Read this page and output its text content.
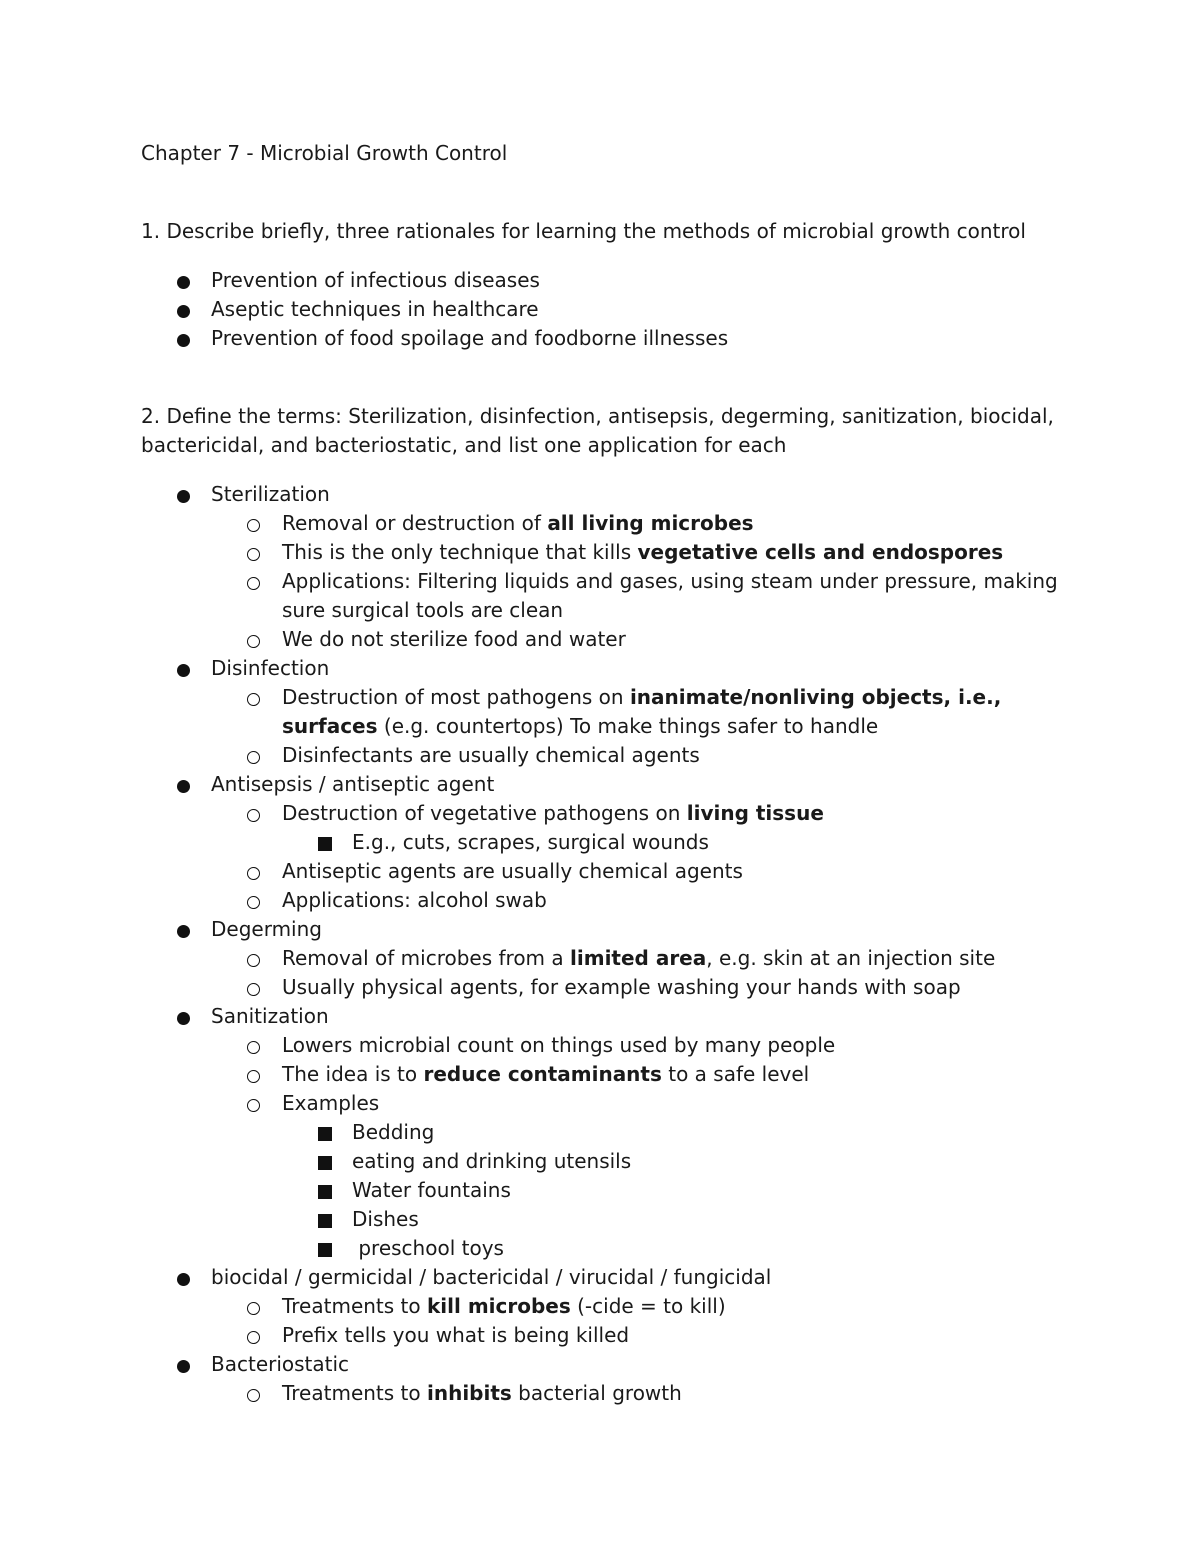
Chapter 7 - Microbial Growth Control

1. Describe briefly, three rationales for learning the methods of microbial growth control

Prevention of infectious diseases
Aseptic techniques in healthcare
Prevention of food spoilage and foodborne illnesses

2. Define the terms: Sterilization, disinfection, antisepsis, degerming, sanitization, biocidal, bactericidal, and bacteriostatic, and list one application for each

Sterilization
Removal or destruction of all living microbes
This is the only technique that kills vegetative cells and endospores
Applications: Filtering liquids and gases, using steam under pressure, making sure surgical tools are clean
We do not sterilize food and water
Disinfection
Destruction of most pathogens on inanimate/nonliving objects, i.e., surfaces (e.g. countertops) To make things safer to handle
Disinfectants are usually chemical agents
Antisepsis / antiseptic agent
Destruction of vegetative pathogens on living tissue
E.g., cuts, scrapes, surgical wounds
Antiseptic agents are usually chemical agents
Applications: alcohol swab
Degerming
Removal of microbes from a limited area, e.g. skin at an injection site
Usually physical agents, for example washing your hands with soap
Sanitization
Lowers microbial count on things used by many people
The idea is to reduce contaminants to a safe level
Examples
Bedding
eating and drinking utensils
Water fountains
Dishes
preschool toys
biocidal / germicidal / bactericidal / virucidal / fungicidal
Treatments to kill microbes (-cide = to kill)
Prefix tells you what is being killed
Bacteriostatic
Treatments to inhibits bacterial growth
